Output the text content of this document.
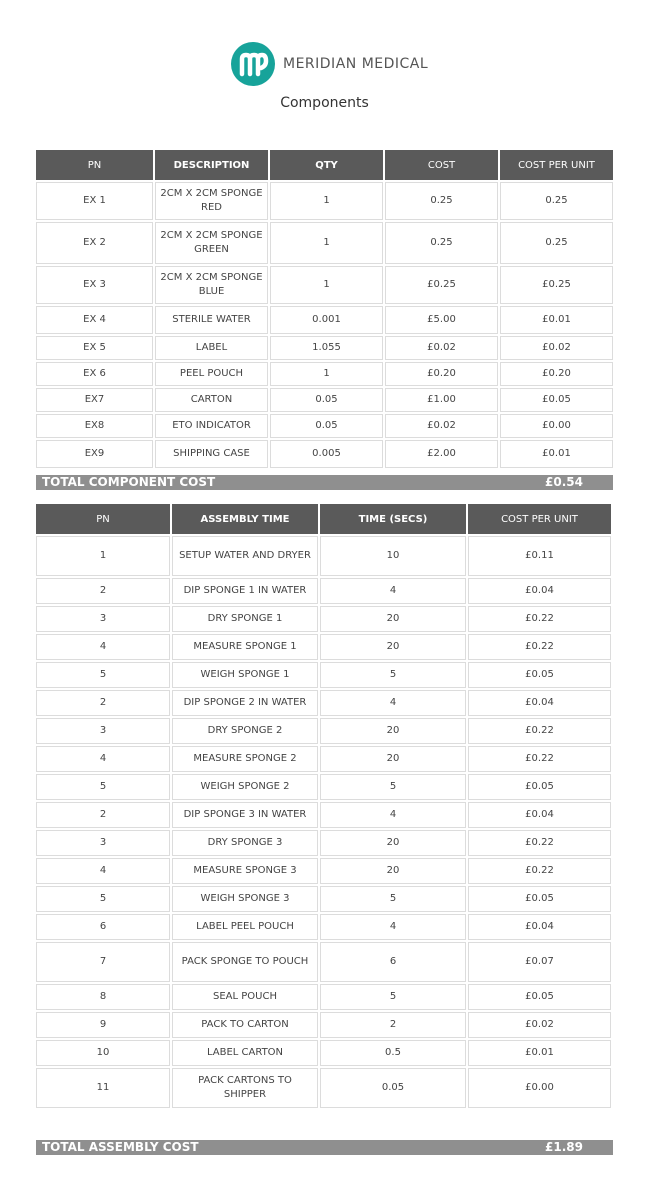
MERIDIAN MEDICAL
Components
PN	DESCRIPTION	QTY	COST	COST PER UNIT
EX 1	2CM X 2CM SPONGE RED	1	0.25	0.25
EX 2	2CM X 2CM SPONGE GREEN	1	0.25	0.25
EX 3	2CM X 2CM SPONGE BLUE	1	£0.25	£0.25
EX 4	STERILE WATER	0.001	£5.00	£0.01
EX 5	LABEL	1.055	£0.02	£0.02
EX 6	PEEL POUCH	1	£0.20	£0.20
EX7	CARTON	0.05	£1.00	£0.05
EX8	ETO INDICATOR	0.05	£0.02	£0.00
EX9	SHIPPING CASE	0.005	£2.00	£0.01
TOTAL COMPONENT COST	£0.54
PN	ASSEMBLY TIME	TIME (SECS)	COST PER UNIT
1	SETUP WATER AND DRYER	10	£0.11
2	DIP SPONGE 1 IN WATER	4	£0.04
3	DRY SPONGE 1	20	£0.22
4	MEASURE SPONGE 1	20	£0.22
5	WEIGH SPONGE 1	5	£0.05
2	DIP SPONGE 2 IN WATER	4	£0.04
3	DRY SPONGE 2	20	£0.22
4	MEASURE SPONGE 2	20	£0.22
5	WEIGH SPONGE 2	5	£0.05
2	DIP SPONGE 3 IN WATER	4	£0.04
3	DRY SPONGE 3	20	£0.22
4	MEASURE SPONGE 3	20	£0.22
5	WEIGH SPONGE 3	5	£0.05
6	LABEL PEEL POUCH	4	£0.04
7	PACK SPONGE TO POUCH	6	£0.07
8	SEAL POUCH	5	£0.05
9	PACK TO CARTON	2	£0.02
10	LABEL CARTON	0.5	£0.01
11	PACK CARTONS TO SHIPPER	0.05	£0.00
TOTAL ASSEMBLY COST	£1.89
